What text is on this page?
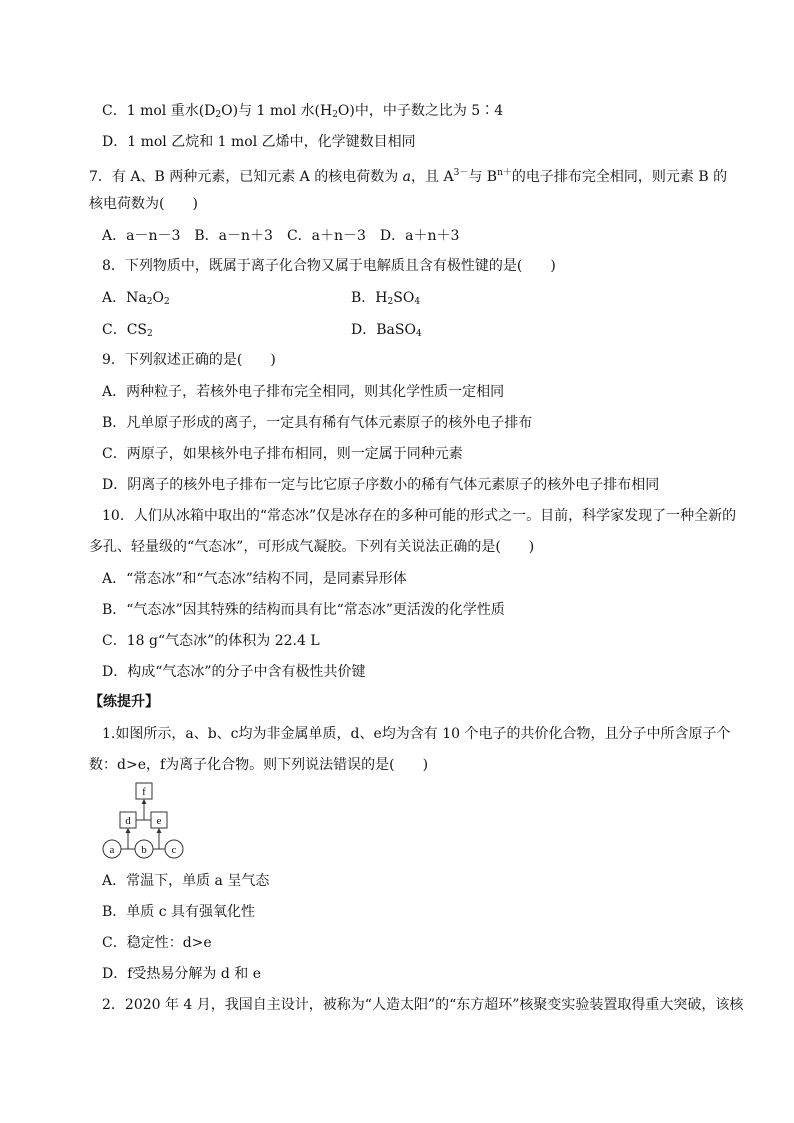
C．1 mol 重水$(D_2O)$与 1 mol 水$(H_2O)$中，中子数之比为 5∶4
D．1 mol 乙烷和 1 mol 乙烯中，化学键数目相同
7．有 A、B 两种元素，已知元素 A 的核电荷数为 a，且 $A^{3-}$与 $B^{n+}$的电子排布完全相同，则元素 B 的
核电荷数为(　　)
A．a－n－3　B．a－n＋3　C．a＋n－3　D．a＋n＋3
8．下列物质中，既属于离子化合物又属于电解质且含有极性键的是(　　)
A．$Na_2O_2$	B．$H_2SO_4$
C．$CS_2$	D．BaSO$_4$
9．下列叙述正确的是(　　)
A．两种粒子，若核外电子排布完全相同，则其化学性质一定相同
B．凡单原子形成的离子，一定具有稀有气体元素原子的核外电子排布
C．两原子，如果核外电子排布相同，则一定属于同种元素
D．阴离子的核外电子排布一定与比它原子序数小的稀有气体元素原子的核外电子排布相同
10．人们从冰箱中取出的“常态冰”仅是冰存在的多种可能的形式之一。目前，科学家发现了一种全新的
多孔、轻量级的“气态冰”，可形成气凝胶。下列有关说法正确的是(　　)
A．“常态冰”和“气态冰”结构不同，是同素异形体
B．“气态冰”因其特殊的结构而具有比“常态冰”更活泼的化学性质
C．18 g“气态冰”的体积为 22.4 L
D．构成“气态冰”的分子中含有极性共价键
【练提升】
1.如图所示，a、b、c均为非金属单质，d、e均为含有 10 个电子的共价化合物，且分子中所含原子个
数：d>e，f为离子化合物。则下列说法错误的是(　　)
f
d e
a b c
A．常温下，单质 a 呈气态
B．单质 c 具有强氧化性
C．稳定性：d>e
D．f受热易分解为 d 和 e
2．2020 年 4 月，我国自主设计，被称为“人造太阳”的“东方超环”核聚变实验装置取得重大突破，该核
